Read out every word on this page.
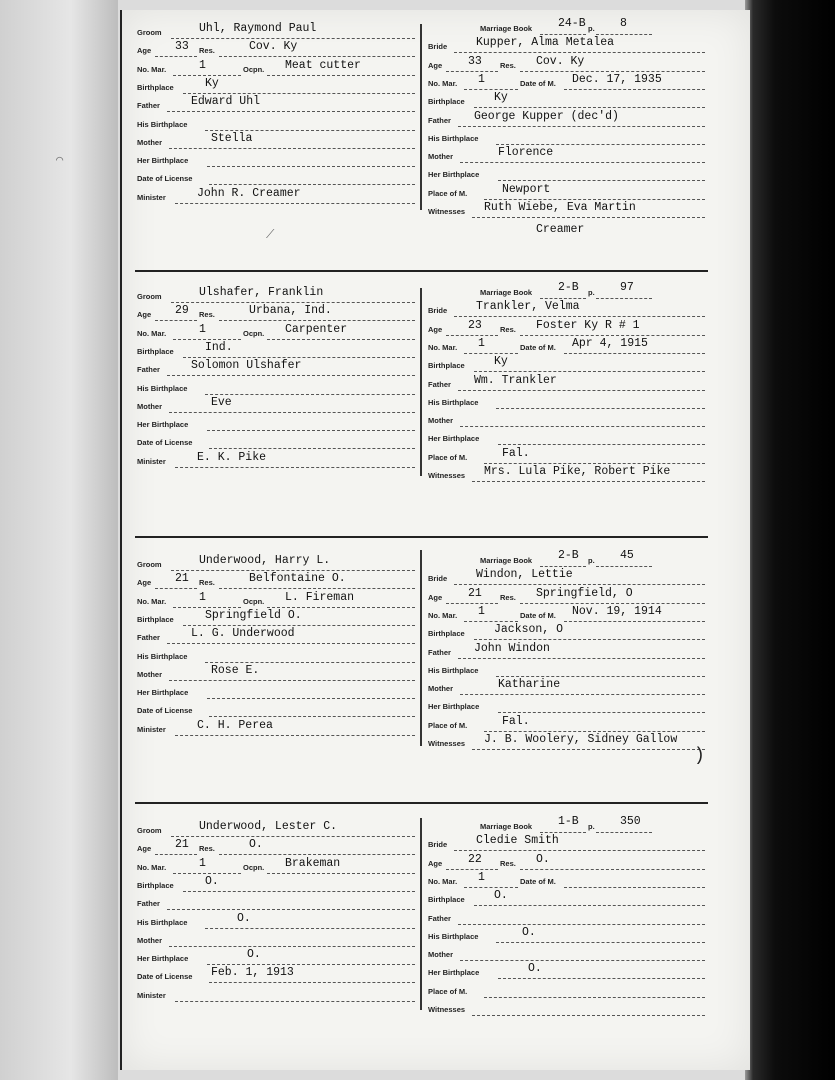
Groom	Uhl, Raymond Paul
Age 33 Res.	Cov. Ky
No. Mar.	1	Ocpn. Meat cutter
Birthplace	Ky
Father	Edward Uhl
His Birthplace
Mother	Stella
Her Birthplace
Date of License
Minister	John R. Creamer
Marriage Book 24-B p. 8
Bride	Kupper, Alma Metalea
Age 33 Res. Cov. Ky
No. Mar. 1	Date of M. Dec. 17, 1935
Birthplace	Ky
Father George Kupper (dec'd)
His Birthplace
Mother	Florence
Her Birthplace
Place of M.	Newport
Witnesses Ruth Wiebe, Eva Martin
Creamer
Groom	Ulshafer, Franklin
Age 29 Res.	Urbana, Ind.
No. Mar.	1	Ocpn. Carpenter
Birthplace	Ind.
Father	Solomon Ulshafer
His Birthplace
Mother	Eve
Her Birthplace
Date of License
Minister	E. K. Pike
Marriage Book 2-B p. 97
Bride	Trankler, Velma
Age 23 Res. Foster Ky R # 1
No. Mar. 1	Date of M. Apr 4, 1915
Birthplace	Ky
Father Wm. Trankler
His Birthplace
Mother
Her Birthplace
Place of M.	Fal.
Witnesses Mrs. Lula Pike, Robert Pike
Groom	Underwood, Harry L.
Age 21 Res.	Belfontaine O.
No. Mar.	1	Ocpn. L. Fireman
Birthplace	Springfield O.
Father	L. G. Underwood
His Birthplace
Mother	Rose E.
Her Birthplace
Date of License
Minister	C. H. Perea
Marriage Book 2-B p. 45
Bride	Windon, Lettie
Age 21 Res. Springfield, O
No. Mar. 1	Date of M. Nov. 19, 1914
Birthplace	Jackson, O
Father John Windon
His Birthplace
Mother	Katharine
Her Birthplace
Place of M.	Fal.
Witnesses J. B. Woolery, Sidney Gallow
Groom	Underwood, Lester C.
Age 21 Res.	O.
No. Mar.	1	Ocpn. Brakeman
Birthplace	O.
Father
His Birthplace	O.
Mother
Her Birthplace	O.
Date of License Feb. 1, 1913
Minister
Marriage Book 1-B p. 350
Bride	Cledie Smith
Age 22 Res. O.
No. Mar. 1	Date of M.
Birthplace	O.
Father
His Birthplace	O.
Mother
Her Birthplace	O.
Place of M.
Witnesses
⟋
)
⌒
